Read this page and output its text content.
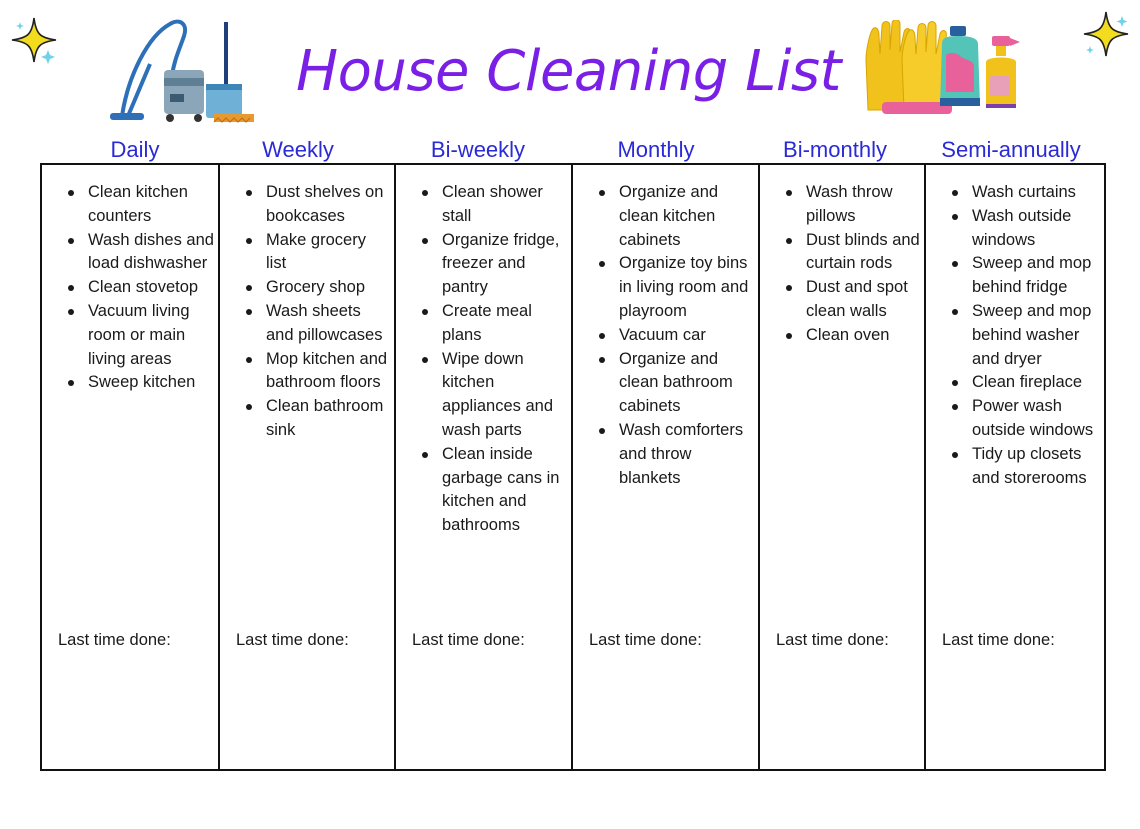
House Cleaning List
Daily	Weekly	Bi-weekly	Monthly	Bi-monthly	Semi-annually
Clean kitchen counters
Wash dishes and load dishwasher
Clean stovetop
Vacuum living room or main living areas
Sweep kitchen
Last time done:
Dust shelves on bookcases
Make grocery list
Grocery shop
Wash sheets and pillowcases
Mop kitchen and bathroom floors
Clean bathroom sink
Last time done:
Clean shower stall
Organize fridge, freezer and pantry
Create meal plans
Wipe down kitchen appliances and wash parts
Clean inside garbage cans in kitchen and bathrooms
Last time done:
Organize and clean kitchen cabinets
Organize toy bins in living room and playroom
Vacuum car
Organize and clean bathroom cabinets
Wash comforters and throw blankets
Last time done:
Wash throw pillows
Dust blinds and curtain rods
Dust and spot clean walls
Clean oven
Last time done:
Wash curtains
Wash outside windows
Sweep and mop behind fridge
Sweep and mop behind washer and dryer
Clean fireplace
Power wash outside windows
Tidy up closets and storerooms
Last time done:
